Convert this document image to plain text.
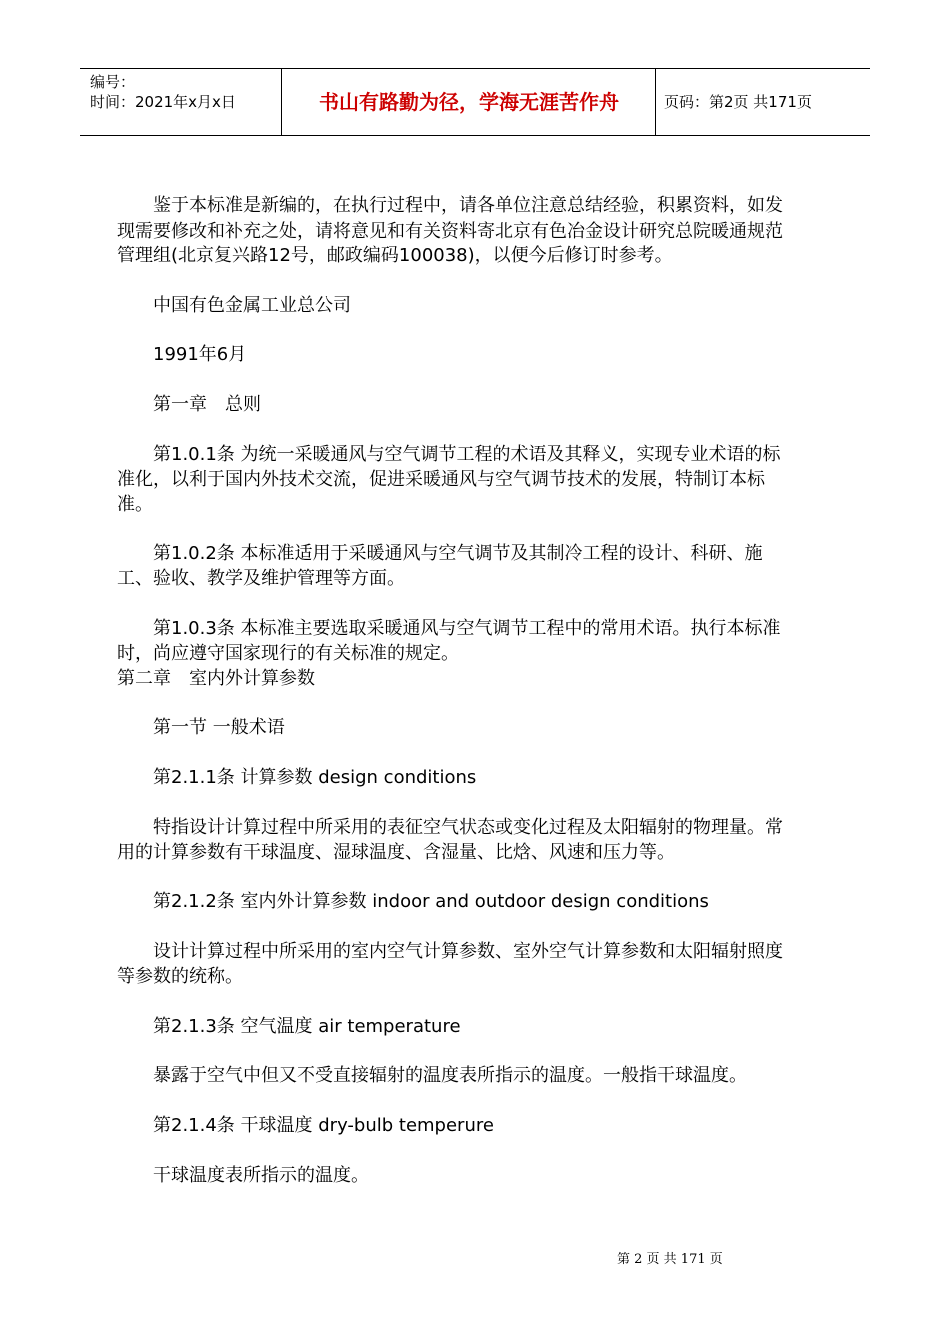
编号：
时间：2021年x月x日	书山有路勤为径，学海无涯苦作舟	页码：第2页 共171页
　　鉴于本标准是新编的，在执行过程中，请各单位注意总结经验，积累资料，如发
现需要修改和补充之处，请将意见和有关资料寄北京有色冶金设计研究总院暖通规范
管理组(北京复兴路12号，邮政编码100038)，以便今后修订时参考。
　　中国有色金属工业总公司
　　1991年6月
　　第一章　总则
　　第1.0.1条 为统一采暖通风与空气调节工程的术语及其释义，实现专业术语的标
准化，以利于国内外技术交流，促进采暖通风与空气调节技术的发展，特制订本标
准。
　　第1.0.2条 本标准适用于采暖通风与空气调节及其制冷工程的设计、科研、施
工、验收、教学及维护管理等方面。
　　第1.0.3条 本标准主要选取采暖通风与空气调节工程中的常用术语。执行本标准
时，尚应遵守国家现行的有关标准的规定。
第二章　室内外计算参数
　　第一节 一般术语
　　第2.1.1条 计算参数 design conditions
　　特指设计计算过程中所采用的表征空气状态或变化过程及太阳辐射的物理量。常
用的计算参数有干球温度、湿球温度、含湿量、比焓、风速和压力等。
　　第2.1.2条 室内外计算参数 indoor and outdoor design conditions
　　设计计算过程中所采用的室内空气计算参数、室外空气计算参数和太阳辐射照度
等参数的统称。
　　第2.1.3条 空气温度 air temperature
　　暴露于空气中但又不受直接辐射的温度表所指示的温度。一般指干球温度。
　　第2.1.4条 干球温度 dry-bulb temperure
　　干球温度表所指示的温度。
第 2 页 共 171 页
